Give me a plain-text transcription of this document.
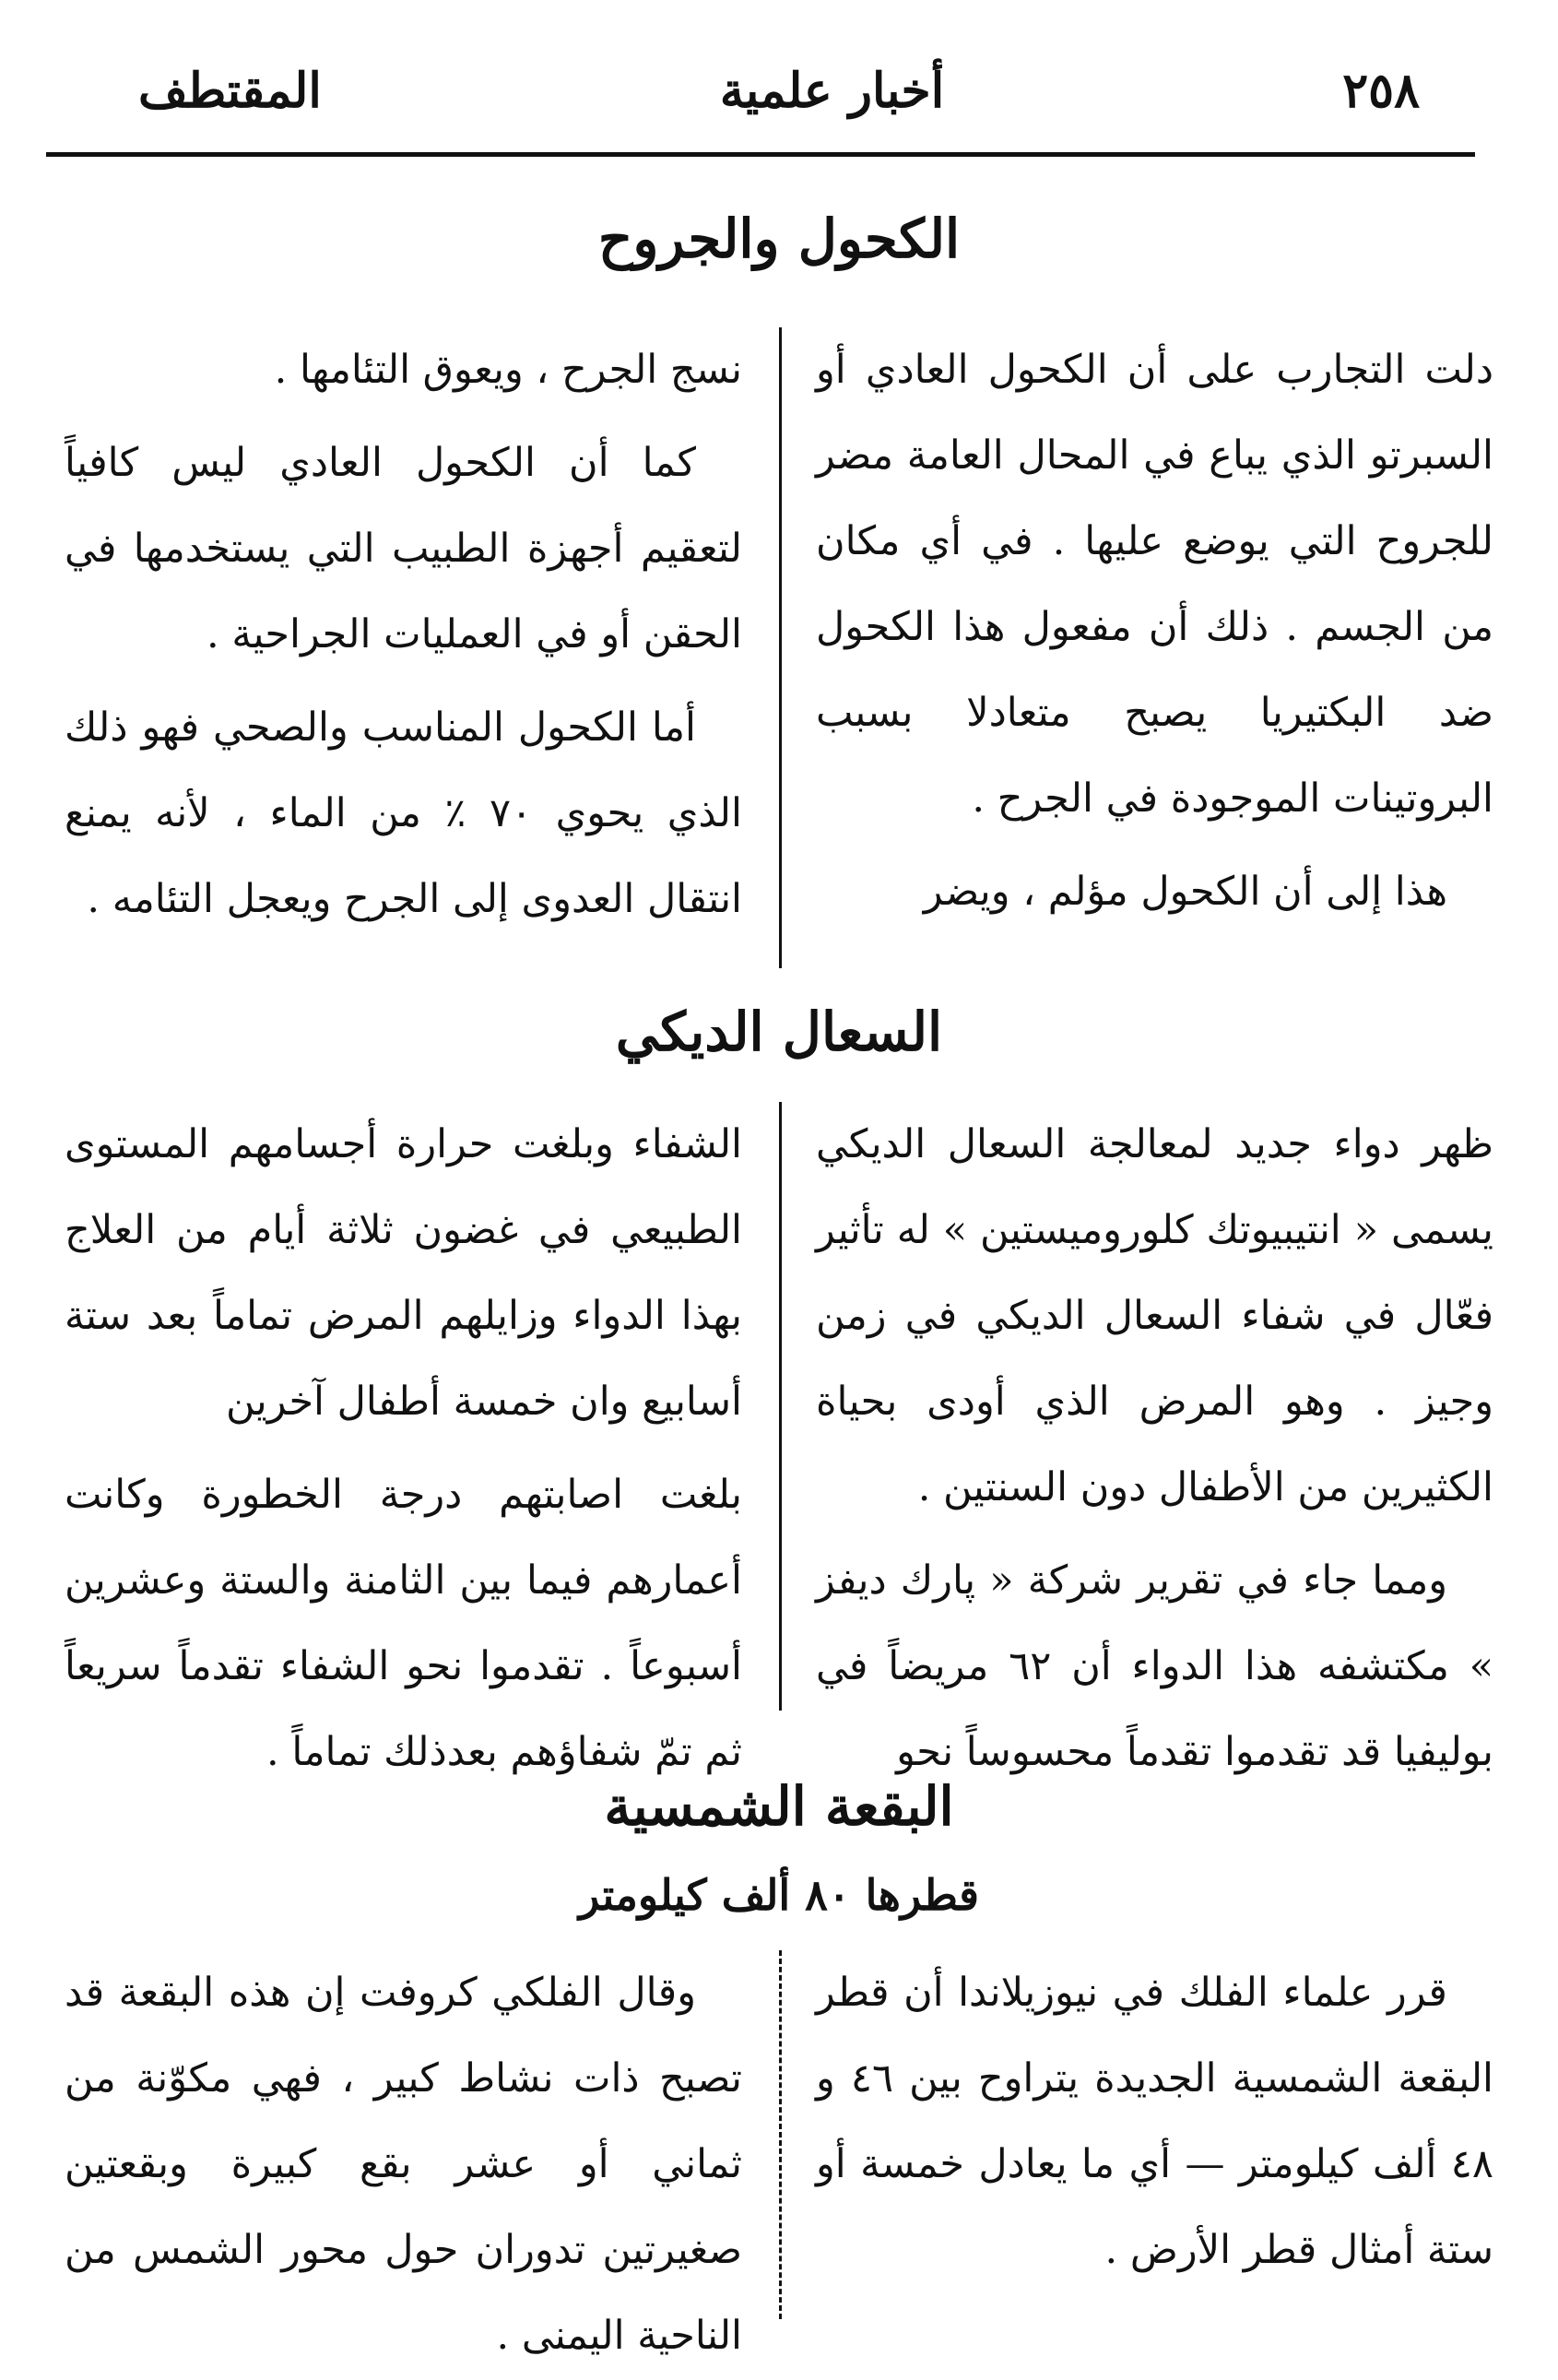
٢٥٨
أخبار علمية
المقتطف
الكحول والجروح

دلت التجارب على أن الكحول العادي أو السبرتو الذي يباع في المحال العامة مضر للجروح التي يوضع عليها . في أي مكان من الجسم . ذلك أن مفعول هذا الكحول ضد البكتيريا يصبح متعادلا بسبب البروتينات الموجودة في الجرح .

هذا إلى أن الكحول مؤلم ، ويضر

نسج الجرح ، ويعوق التئامها .

كما أن الكحول العادي ليس كافياً لتعقيم أجهزة الطبيب التي يستخدمها في الحقن أو في العمليات الجراحية .

أما الكحول المناسب والصحي فهو ذلك الذي يحوي ٧٠ ٪ من الماء ، لأنه يمنع انتقال العدوى إلى الجرح ويعجل التئامه .

السعال الديكي

ظهر دواء جديد لمعالجة السعال الديكي يسمى « انتيبيوتك كلوروميستين » له تأثير فعّال في شفاء السعال الديكي في زمن وجيز . وهو المرض الذي أودى بحياة الكثيرين من الأطفال دون السنتين .

ومما جاء في تقرير شركة « پارك ديفز » مكتشفه هذا الدواء أن ٦٢ مريضاً في بوليفيا قد تقدموا تقدماً محسوساً نحو

الشفاء وبلغت حرارة أجسامهم المستوى الطبيعي في غضون ثلاثة أيام من العلاج بهذا الدواء وزايلهم المرض تماماً بعد ستة أسابيع وان خمسة أطفال آخرين

بلغت اصابتهم درجة الخطورة وكانت أعمارهم فيما بين الثامنة والستة وعشرين أسبوعاً . تقدموا نحو الشفاء تقدماً سريعاً ثم تمّ شفاؤهم بعدذلك تماماً .

البقعة الشمسية
قطرها ٨٠ ألف كيلومتر

قرر علماء الفلك في نيوزيلاندا أن قطر البقعة الشمسية الجديدة يتراوح بين ٤٦ و ٤٨ ألف كيلومتر — أي ما يعادل خمسة أو ستة أمثال قطر الأرض .

وقال الفلكي كروفت إن هذه البقعة قد تصبح ذات نشاط كبير ، فهي مكوّنة من ثماني أو عشر بقع كبيرة وبقعتين صغيرتين تدوران حول محور الشمس من الناحية اليمنى .
